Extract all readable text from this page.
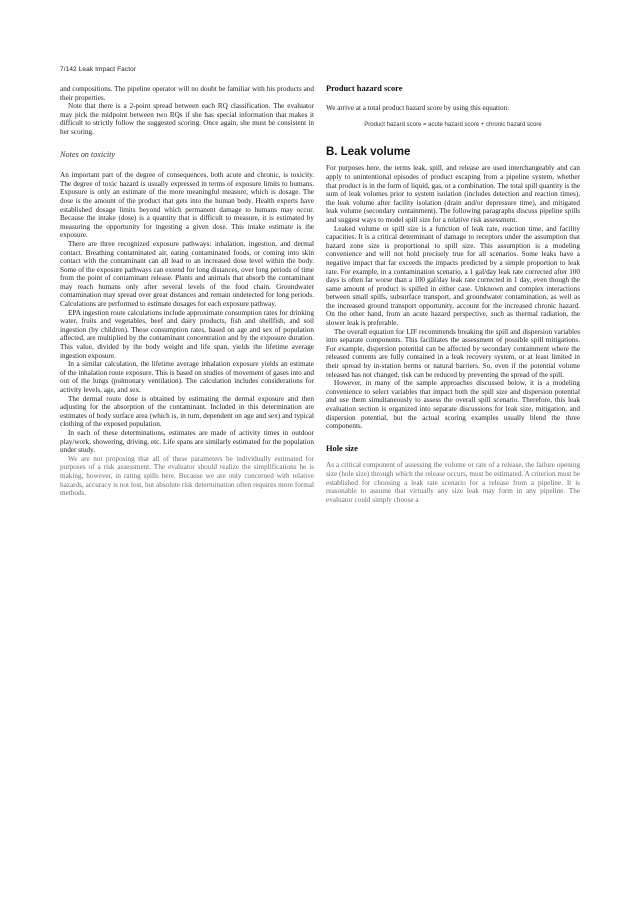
7/142 Leak Impact Factor

and compositions. The pipeline operator will no doubt be familiar with his products and their properties.

Note that there is a 2-point spread between each RQ classification. The evaluator may pick the midpoint between two RQs if she has special information that makes it difficult to strictly follow the suggested scoring. Once again, she must be consistent in her scoring.

Notes on toxicity

An important part of the degree of consequences, both acute and chronic, is toxicity. The degree of toxic hazard is usually expressed in terms of exposure limits to humans. Exposure is only an estimate of the more meaningful measure, which is dosage. The dose is the amount of the product that gets into the human body. Health experts have established dosage limits beyond which permanent damage to humans may occur. Because the intake (dose) is a quantity that is difficult to measure, it is estimated by measuring the opportunity for ingesting a given dose. This intake estimate is the exposure.

There are three recognized exposure pathways: inhalation, ingestion, and dermal contact. Breathing contaminated air, eating contaminated foods, or coming into skin contact with the contaminant can all lead to an increased dose level within the body. Some of the exposure pathways can extend for long distances, over long periods of time from the point of contaminant release. Plants and animals that absorb the contaminant may reach humans only after several levels of the food chain. Groundwater contamination may spread over great distances and remain undetected for long periods. Calculations are performed to estimate dosages for each exposure pathway.

EPA ingestion route calculations include approximate consumption rates for drinking water, fruits and vegetables, beef and dairy products, fish and shellfish, and soil ingestion (by children). These consumption rates, based on age and sex of population affected, are multiplied by the contaminant concentration and by the exposure duration. This value, divided by the body weight and life span, yields the lifetime average ingestion exposure.

In a similar calculation, the lifetime average inhalation exposure yields an estimate of the inhalation route exposure. This is based on studies of movement of gases into and out of the lungs (pulmonary ventilation). The calculation includes considerations for activity levels, age, and sex.

The dermal route dose is obtained by estimating the dermal exposure and then adjusting for the absorption of the contaminant. Included in this determination are estimates of body surface area (which is, in turn, dependent on age and sex) and typical clothing of the exposed population.

In each of these determinations, estimates are made of activity times in outdoor play/work, showering, driving, etc. Life spans are similarly estimated for the population under study.

We are not proposing that all of these parameters be individually estimated for purposes of a risk assessment. The evaluator should realize the simplifications he is making, however, in rating spills here. Because we are only concerned with relative hazards, accuracy is not lost, but absolute risk determination often requires more formal methods.

Product hazard score

We arrive at a total product hazard score by using this equation:

Product hazard score = acute hazard score + chronic hazard score
B. Leak volume

For purposes here, the terms leak, spill, and release are used interchangeably and can apply to unintentional episodes of product escaping from a pipeline system, whether that product is in the form of liquid, gas, or a combination. The total spill quantity is the sum of leak volumes prior to system isolation (includes detection and reaction times), the leak volume after facility isolation (drain and/or depressure time), and mitigated leak volume (secondary containment). The following paragraphs discuss pipeline spills and suggest ways to model spill size for a relative risk assessment.

Leaked volume or spill size is a function of leak rate, reaction time, and facility capacities. It is a critical determinant of damage to receptors under the assumption that hazard zone size is proportional to spill size. This assumption is a modeling convenience and will not hold precisely true for all scenarios. Some leaks have a negative impact that far exceeds the impacts predicted by a simple proportion to leak rate. For example, in a contamination scenario, a 1 gal/day leak rate corrected after 100 days is often far worse than a 100 gal/day leak rate corrected in 1 day, even though the same amount of product is spilled in either case. Unknown and complex interactions between small spills, subsurface transport, and groundwater contamination, as well as the increased ground transport opportunity, account for the increased chronic hazard. On the other hand, from an acute hazard perspective, such as thermal radiation, the slower leak is preferable.

The overall equation for LIF recommends breaking the spill and dispersion variables into separate components. This facilitates the assessment of possible spill mitigations. For example, dispersion potential can be affected by secondary containment where the released contents are fully contained in a leak recovery system, or at least limited in their spread by in-station berms or natural barriers. So, even if the potential volume released has not changed, risk can be reduced by preventing the spread of the spill.

However, in many of the sample approaches discussed below, it is a modeling convenience to select variables that impact both the spill size and dispersion potential and use them simultaneously to assess the overall spill scenario. Therefore, this leak evaluation section is organized into separate discussions for leak size, mitigation, and dispersion potential, but the actual scoring examples usually blend the three components.

Hole size

As a critical component of assessing the volume or rate of a release, the failure opening size (hole size) through which the release occurs, must be estimated. A criterion must be established for choosing a leak rate scenario for a release from a pipeline. It is reasonable to assume that virtually any size leak may form in any pipeline. The evaluator could simply choose a
